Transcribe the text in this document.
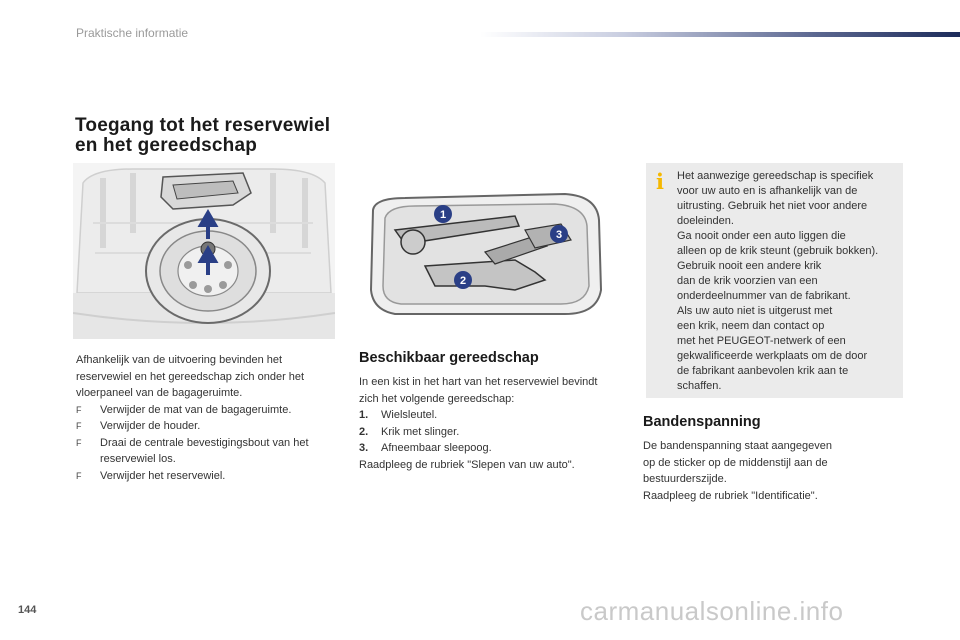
Praktische informatie
Toegang tot het reservewiel
en het gereedschap
1
2
3
Afhankelijk van de uitvoering bevinden het reservewiel en het gereedschap zich onder het vloerpaneel van de bagageruimte.
F Verwijder de mat van de bagageruimte.
F Verwijder de houder.
F Draai de centrale bevestigingsbout van het reservewiel los.
F Verwijder het reservewiel.
Beschikbaar gereedschap
In een kist in het hart van het reservewiel bevindt zich het volgende gereedschap:
1. Wielsleutel.
2. Krik met slinger.
3. Afneembaar sleepoog.
Raadpleeg de rubriek "Slepen van uw auto".
i Het aanwezige gereedschap is specifiek
voor uw auto en is afhankelijk van de
uitrusting. Gebruik het niet voor andere
doeleinden.
Ga nooit onder een auto liggen die
alleen op de krik steunt (gebruik bokken).
Gebruik nooit een andere krik
dan de krik voorzien van een
onderdeelnummer van de fabrikant.
Als uw auto niet is uitgerust met
een krik, neem dan contact op
met het PEUGEOT-netwerk of een
gekwalificeerde werkplaats om de door
de fabrikant aanbevolen krik aan te
schaffen.
Bandenspanning
De bandenspanning staat aangegeven
op de sticker op de middenstijl aan de
bestuurderszijde.
Raadpleeg de rubriek "Identificatie".
144	carmanualsonline.info
